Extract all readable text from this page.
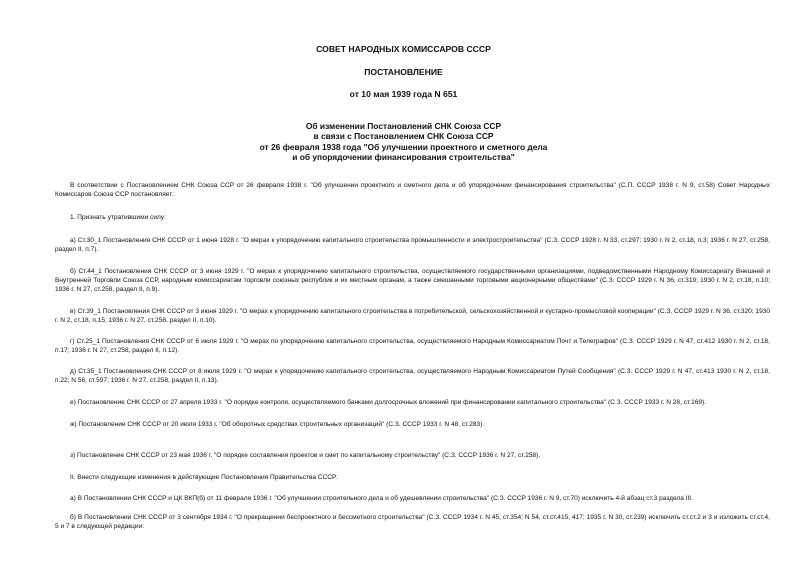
СОВЕТ НАРОДНЫХ КОМИССАРОВ СССР
ПОСТАНОВЛЕНИЕ
от 10 мая 1939 года N 651
Об изменении Постановлений СНК Союза ССР
в связи с Постановлением СНК Союза ССР
от 26 февраля 1938 года "Об улучшении проектного и сметного дела
и об упорядочении финансирования строительства"
В соответствии с Постановлением СНК Союза ССР от 26 февраля 1938 г. "Об улучшении проектного и сметного дела и об упорядочении финансирования строительства" (С.П. СССР 1938 г. N 9, ст.58) Совет Народных Комиссаров Союза ССР постановляет:
1. Признать утратившими силу:
а) Ст.30_1 Постановления СНК СССР от 1 июня 1928 г. "О мерах к упорядочению капитального строительства промышленности и электростроительства" (С.З. СССР 1928 г. N 33, ст.297; 1930 г. N 2, ст.18, п.3; 1936 г. N 27, ст.258, раздел II, п.7).
б) Ст.44_1 Постановления СНК СССР от 3 июня 1929 г. "О мерах к упорядочению капитального строительства, осуществляемого государственными организациями, подведомственными Народному Комиссариату Внешней и Внутренней Торговли Союза ССР, народным комиссариатам торговли союзных республик и их местным органам, а также смешанными торговыми акционерными обществами" (С.З. СССР 1929 г. N 36, ст.319; 1930 г. N 2, ст.18, п.10; 1936 г. N 27, ст.258, раздел II, п.9).
в) Ст.39_1 Постановления СНК СССР от 3 июня 1929 г. "О мерах к упорядочению капитального строительства в потребительской, сельскохозяйственной и кустарно-промысловой кооперации" (С.З. СССР 1929 г. N 36, ст.320; 1930 г. N 2, ст.18, п.15; 1936 г. N 27, ст.258, раздел II, п.10).
г) Ст.25_1 Постановления СНК СССР от 6 июля 1929 г. "О мерах по упорядочению капитального строительства, осуществляемого Народным Комиссариатом Почт и Телеграфов" (С.З. СССР 1929 г. N 47, ст.412 1930 г. N 2, ст.18, п.17; 1936 г. N 27, ст.258, раздел II, п.12).
д) Ст.35_1 Постановления СНК СССР от 8 июля 1929 г. "О мерах к упорядочению капитального строительства, осуществляемого Народным Комиссариатом Путей Сообщения" (С.З. СССР 1929 г. N 47, ст.413 1930 г. N 2, ст.18, п.22; N 56, ст.597; 1936 г. N 27, ст.258, раздел II, п.13).
е) Постановление СНК СССР от 27 апреля 1933 г. "О порядке контроля, осуществляемого банками долгосрочных вложений при финансировании капитального строительства" (С.З. СССР 1933 г. N 28, ст.169).
ж) Постановление СНК СССР от 20 июля 1933 г. "Об оборотных средствах строительных организаций" (С.З. СССР 1933 г. N 48, ст.283).
з) Постановление СНК СССР от 23 мая 1936 г. "О порядке составления проектов и смет по капитальному строительству" (С.З. СССР 1936 г. N 27, ст.258).
II. Внести следующие изменения в действующие Постановления Правительства СССР:
а) В Постановлении СНК СССР и ЦК ВКП(б) от 11 февраля 1936 г. "Об улучшении строительного дела и об удешевлении строительства" (С.З. СССР 1936 г. N 9, ст.70) исключить 4-й абзац ст.3 раздела III.
б) В Постановлении СНК СССР от 3 сентября 1934 г. "О прекращении беспроектного и бессметного строительства" (С.З. СССР 1934 г. N 45, ст.354; N 54, ст.ст.415, 417; 1935 г. N 30, ст.239) исключить ст.ст.2 и 3 и изложить ст.ст.4, 5 и 7 в следующей редакции:
